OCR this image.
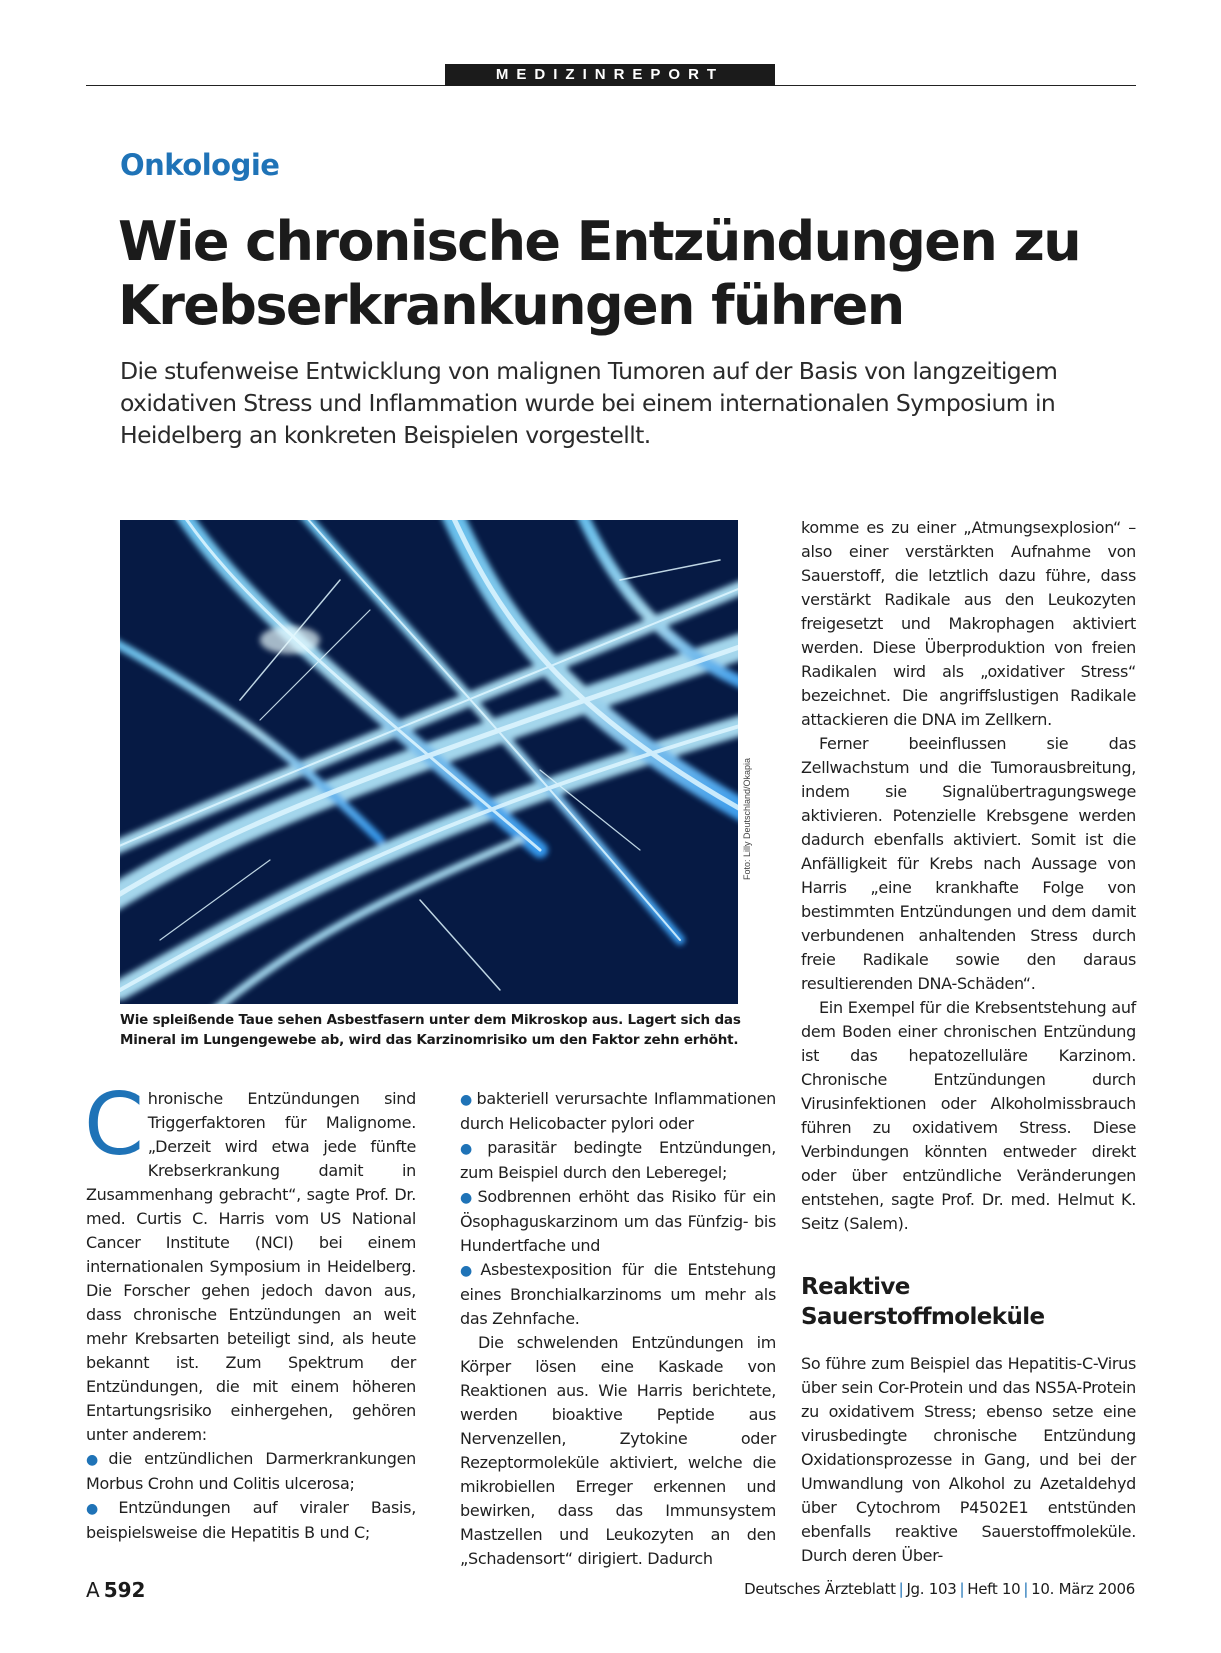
MEDIZINREPORT
Onkologie
Wie chronische Entzündungen zu Krebserkrankungen führen

Die stufenweise Entwicklung von malignen Tumoren auf der Basis von langzeitigem oxidativen Stress und Inflammation wurde bei einem internationalen Symposium in Heidelberg an konkreten Beispielen vorgestellt.

Foto: Lilly Deutschland/Okapia

Wie spleißende Taue sehen Asbestfasern unter dem Mikroskop aus. Lagert sich das Mineral im Lungengewebe ab, wird das Karzinomrisiko um den Faktor zehn erhöht.

Chronische Entzündungen sind Triggerfaktoren für Malignome. „Derzeit wird etwa jede fünfte Krebserkrankung damit in Zusammenhang gebracht“, sagte Prof. Dr. med. Curtis C. Harris vom US National Cancer Institute (NCI) bei einem internationalen Symposium in Heidelberg. Die Forscher gehen jedoch davon aus, dass chronische Entzündungen an weit mehr Krebsarten beteiligt sind, als heute bekannt ist. Zum Spektrum der Entzündungen, die mit einem höheren Entartungsrisiko einhergehen, gehören unter anderem:

● die entzündlichen Darmerkrankungen Morbus Crohn und Colitis ulcerosa;

● Entzündungen auf viraler Basis, beispielsweise die Hepatitis B und C;

● bakteriell verursachte Inflammationen durch Helicobacter pylori oder

● parasitär bedingte Entzündungen, zum Beispiel durch den Leberegel;

● Sodbrennen erhöht das Risiko für ein Ösophaguskarzinom um das Fünfzig- bis Hundertfache und

● Asbestexposition für die Entstehung eines Bronchialkarzinoms um mehr als das Zehnfache.

Die schwelenden Entzündungen im Körper lösen eine Kaskade von Reaktionen aus. Wie Harris berichtete, werden bioaktive Peptide aus Nervenzellen, Zytokine oder Rezeptormoleküle aktiviert, welche die mikrobiellen Erreger erkennen und bewirken, dass das Immunsystem Mastzellen und Leukozyten an den „Schadensort“ dirigiert. Dadurch

komme es zu einer „Atmungsexplosion“ – also einer verstärkten Aufnahme von Sauerstoff, die letztlich dazu führe, dass verstärkt Radikale aus den Leukozyten freigesetzt und Makrophagen aktiviert werden. Diese Überproduktion von freien Radikalen wird als „oxidativer Stress“ bezeichnet. Die angriffslustigen Radikale attackieren die DNA im Zellkern.

Ferner beeinflussen sie das Zellwachstum und die Tumorausbreitung, indem sie Signalübertragungswege aktivieren. Potenzielle Krebsgene werden dadurch ebenfalls aktiviert. Somit ist die Anfälligkeit für Krebs nach Aussage von Harris „eine krankhafte Folge von bestimmten Entzündungen und dem damit verbundenen anhaltenden Stress durch freie Radikale sowie den daraus resultierenden DNA-Schäden“.

Ein Exempel für die Krebsentstehung auf dem Boden einer chronischen Entzündung ist das hepatozelluläre Karzinom. Chronische Entzündungen durch Virusinfektionen oder Alkoholmissbrauch führen zu oxidativem Stress. Diese Verbindungen könnten entweder direkt oder über entzündliche Veränderungen entstehen, sagte Prof. Dr. med. Helmut K. Seitz (Salem).

Reaktive Sauerstoffmoleküle

So führe zum Beispiel das Hepatitis-C-Virus über sein Cor-Protein und das NS5A-Protein zu oxidativem Stress; ebenso setze eine virusbedingte chronische Entzündung Oxidationsprozesse in Gang, und bei der Umwandlung von Alkohol zu Azetaldehyd über Cytochrom P4502E1 entstünden ebenfalls reaktive Sauerstoffmoleküle. Durch deren Über-

A  592	Deutsches Ärzteblatt | Jg. 103 | Heft 10 | 10. März 2006
